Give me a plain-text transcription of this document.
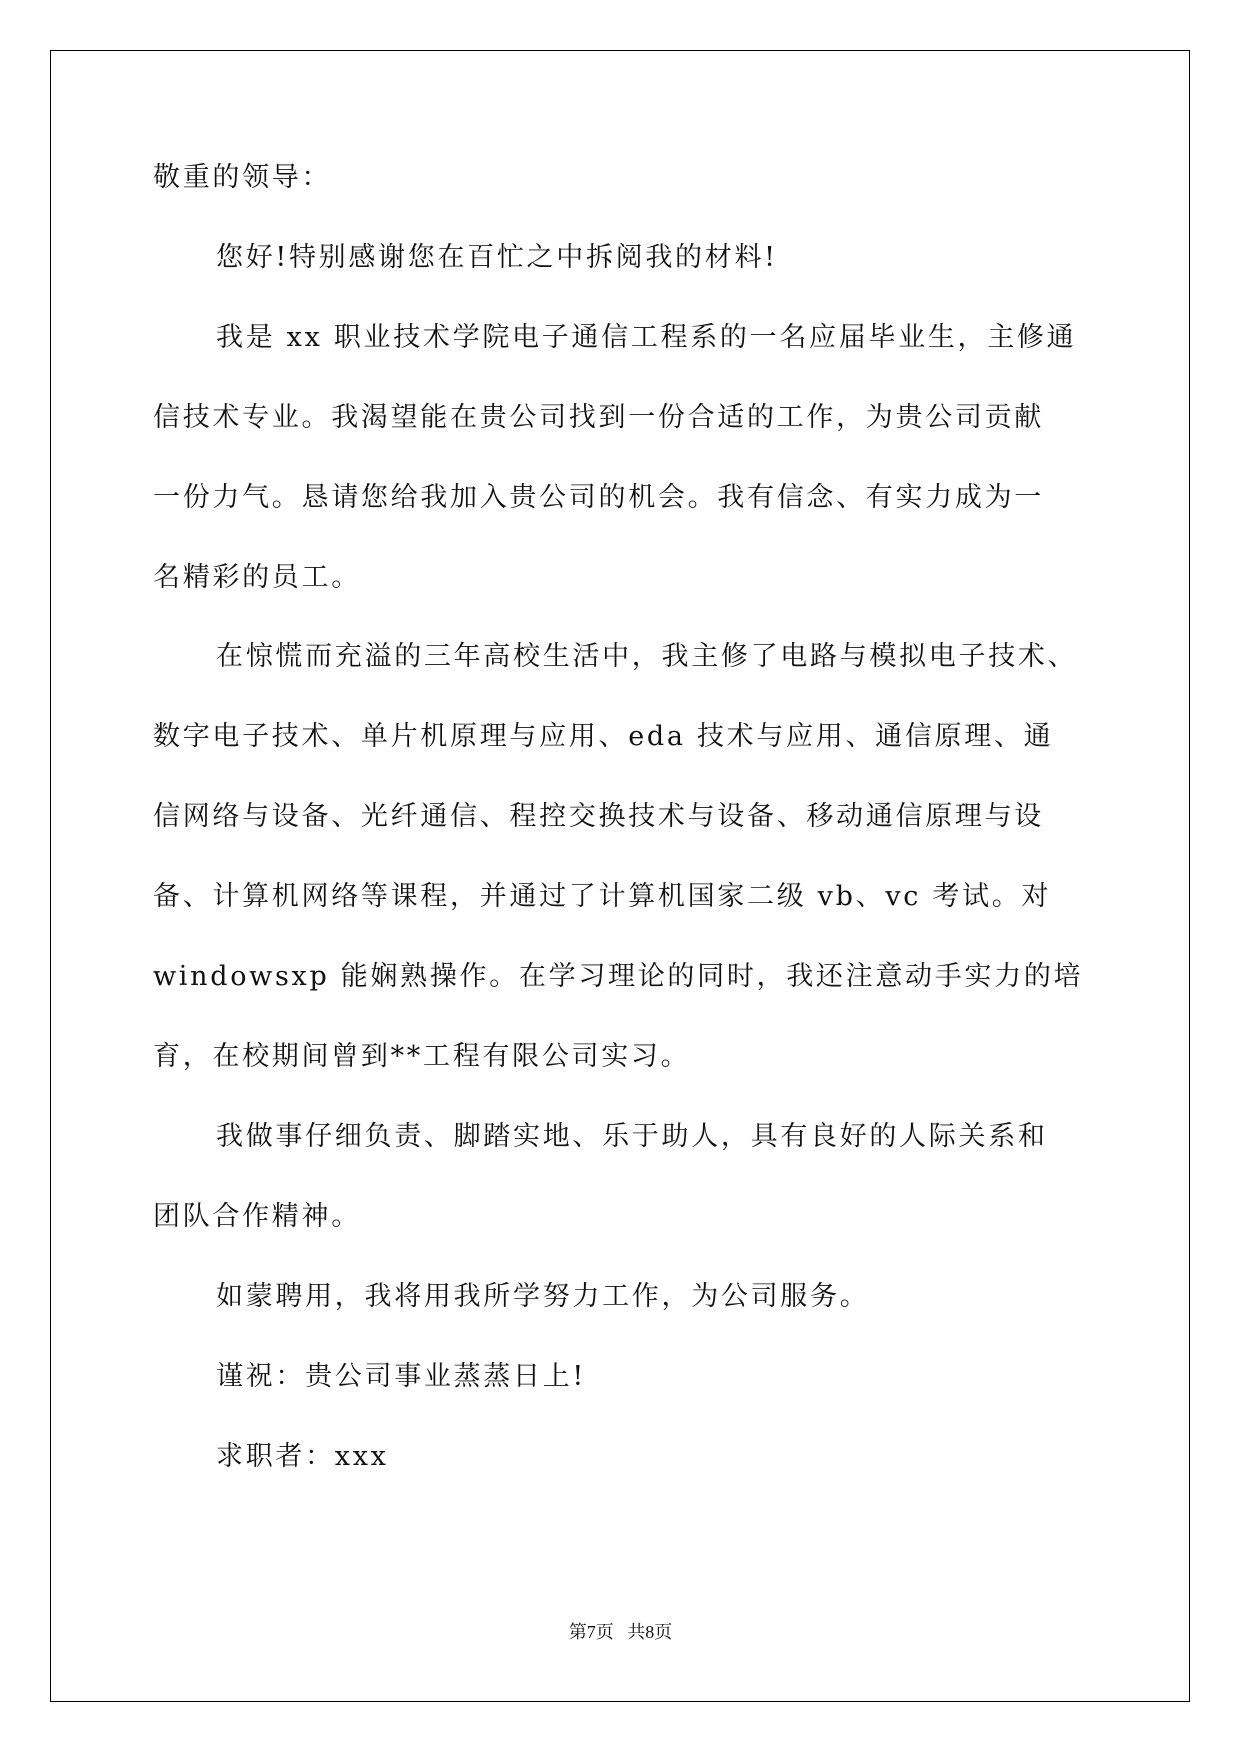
敬重的领导：
您好!特别感谢您在百忙之中拆阅我的材料!
我是 xx 职业技术学院电子通信工程系的一名应届毕业生，主修通
信技术专业。我渴望能在贵公司找到一份合适的工作，为贵公司贡献
一份力气。恳请您给我加入贵公司的机会。我有信念、有实力成为一
名精彩的员工。
在惊慌而充溢的三年高校生活中，我主修了电路与模拟电子技术、
数字电子技术、单片机原理与应用、eda 技术与应用、通信原理、通
信网络与设备、光纤通信、程控交换技术与设备、移动通信原理与设
备、计算机网络等课程，并通过了计算机国家二级 vb、vc 考试。对
windowsxp 能娴熟操作。在学习理论的同时，我还注意动手实力的培
育，在校期间曾到**工程有限公司实习。
我做事仔细负责、脚踏实地、乐于助人，具有良好的人际关系和
团队合作精神。
如蒙聘用，我将用我所学努力工作，为公司服务。
谨祝：贵公司事业蒸蒸日上!
求职者：xxx
第7页   共8页
